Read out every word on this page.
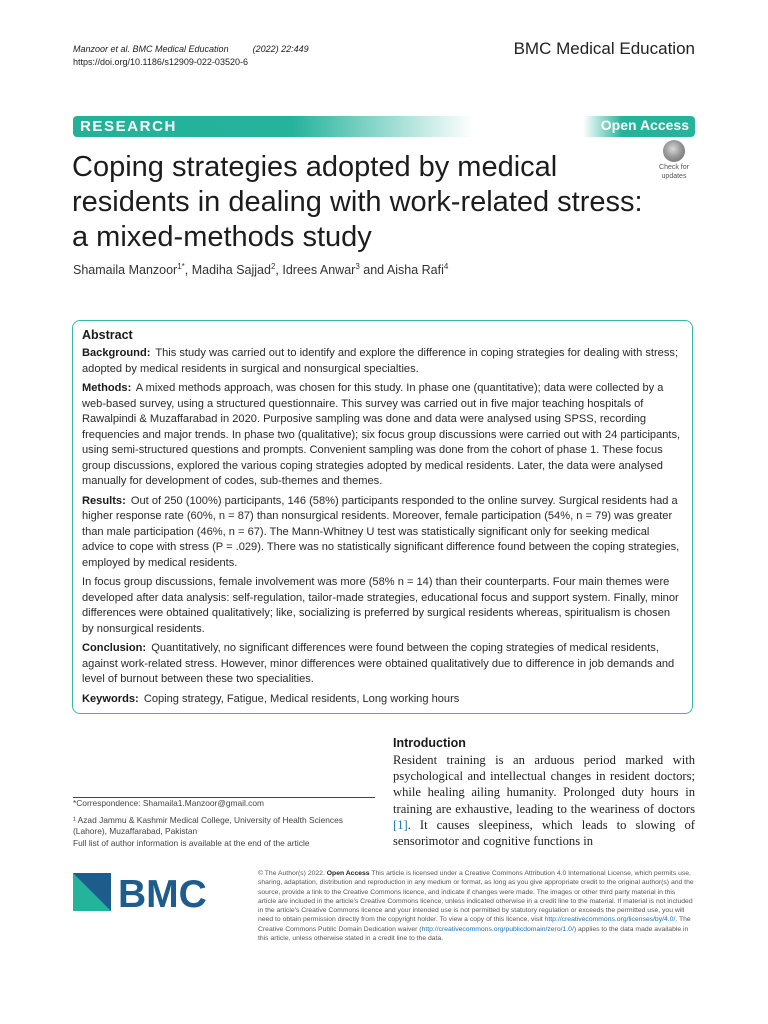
Manzoor et al. BMC Medical Education	(2022) 22:449
https://doi.org/10.1186/s12909-022-03520-6
BMC Medical Education
RESEARCH	Open Access
Coping strategies adopted by medical residents in dealing with work-related stress: a mixed-methods study
Check for
updates
Shamaila Manzoor$^{1*}$, Madiha Sajjad$^2$, Idrees Anwar$^3$ and Aisha Rafi$^4$
Abstract

Background: This study was carried out to identify and explore the difference in coping strategies for dealing with stress; adopted by medical residents in surgical and nonsurgical specialties.

Methods: A mixed methods approach, was chosen for this study. In phase one (quantitative); data were collected by a web-based survey, using a structured questionnaire. This survey was carried out in five major teaching hospitals of Rawalpindi & Muzaffarabad in 2020. Purposive sampling was done and data were analysed using SPSS, recording frequencies and major trends. In phase two (qualitative); six focus group discussions were carried out with 24 participants, using semi-structured questions and prompts. Convenient sampling was done from the cohort of phase 1. These focus group discussions, explored the various coping strategies adopted by medical residents. Later, the data were analysed manually for development of codes, sub-themes and themes.

Results: Out of 250 (100%) participants, 146 (58%) participants responded to the online survey. Surgical residents had a higher response rate (60%, n = 87) than nonsurgical residents. Moreover, female participation (54%, n = 79) was greater than male participation (46%, n = 67). The Mann-Whitney U test was statistically significant only for seeking medical advice to cope with stress (P = .029). There was no statistically significant difference found between the coping strategies, employed by medical residents.

In focus group discussions, female involvement was more (58% n = 14) than their counterparts. Four main themes were developed after data analysis: self-regulation, tailor-made strategies, educational focus and support system. Finally, minor differences were obtained qualitatively; like, socializing is preferred by surgical residents whereas, spiritualism is chosen by nonsurgical residents.

Conclusion: Quantitatively, no significant differences were found between the coping strategies of medical residents, against work-related stress. However, minor differences were obtained qualitatively due to difference in job demands and level of burnout between these two specialities.

Keywords: Coping strategy, Fatigue, Medical residents, Long working hours

Introduction
Resident training is an arduous period marked with psychological and intellectual changes in resident doctors; while healing ailing humanity. Prolonged duty hours in training are exhaustive, leading to the weariness of doctors [1]. It causes sleepiness, which leads to slowing of sensorimotor and cognitive functions in

*Correspondence: Shamaila1.Manzoor@gmail.com

¹ Azad Jammu & Kashmir Medical College, University of Health Sciences (Lahore), Muzaffarabad, Pakistan

Full list of author information is available at the end of the article

BMC	© The Author(s) 2022. Open Access This article is licensed under a Creative Commons Attribution 4.0 International License, which permits use, sharing, adaptation, distribution and reproduction in any medium or format, as long as you give appropriate credit to the original author(s) and the source, provide a link to the Creative Commons licence, and indicate if changes were made. The images or other third party material in this article are included in the article's Creative Commons licence, unless indicated otherwise in a credit line to the material. If material is not included in the article's Creative Commons licence and your intended use is not permitted by statutory regulation or exceeds the permitted use, you will need to obtain permission directly from the copyright holder. To view a copy of this licence, visit http://creativecommons.org/licenses/by/4.0/. The Creative Commons Public Domain Dedication waiver (http://creativecommons.org/publicdomain/zero/1.0/) applies to the data made available in this article, unless otherwise stated in a credit line to the data.
